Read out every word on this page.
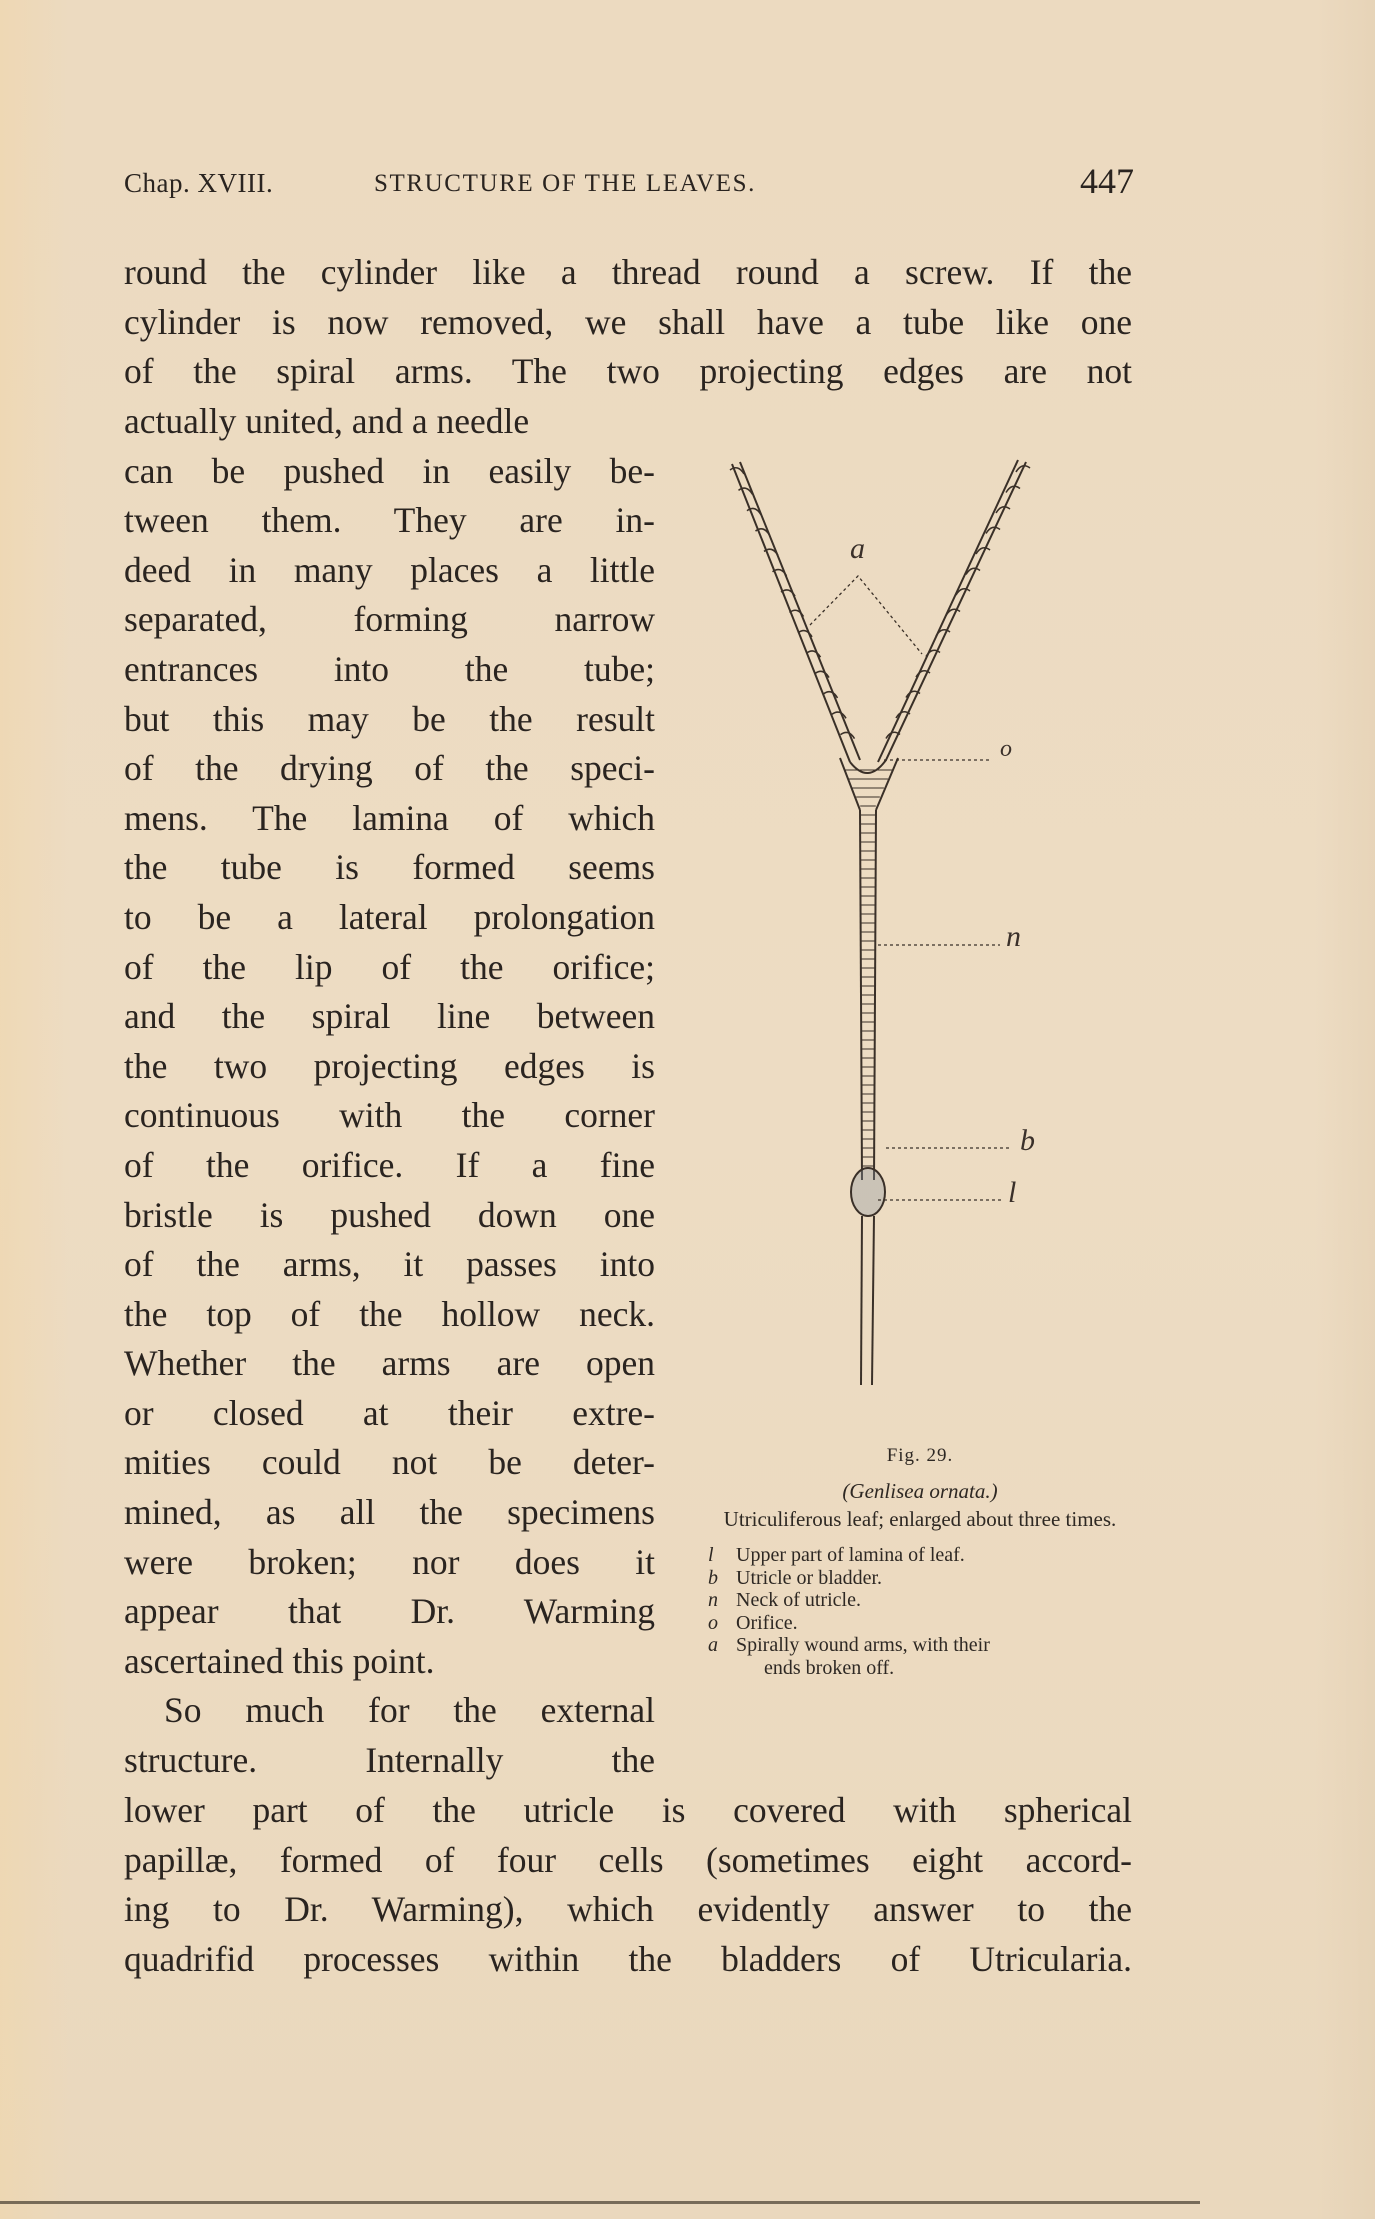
Chap. XVIII.	STRUCTURE OF THE LEAVES.	447
round the cylinder like a thread round a screw. If the
cylinder is now removed, we shall have a tube like one
of the spiral arms. The two projecting edges are not
actually united, and a needle
can be pushed in easily be-
tween them. They are in-
deed in many places a little
separated, forming narrow
entrances into the tube;
but this may be the result
of the drying of the speci-
mens. The lamina of which
the tube is formed seems
to be a lateral prolongation
of the lip of the orifice;
and the spiral line between
the two projecting edges is
continuous with the corner
of the orifice. If a fine
bristle is pushed down one
of the arms, it passes into
the top of the hollow neck.
Whether the arms are open
or closed at their extre-
mities could not be deter-
mined, as all the specimens
were broken; nor does it
appear that Dr. Warming
ascertained this point.
So much for the external
structure. Internally the
lower part of the utricle is covered with spherical
papillæ, formed of four cells (sometimes eight accord-
ing to Dr. Warming), which evidently answer to the
quadrifid processes within the bladders of Utricularia.
a
o
n
b
l
Fig. 29.
(Genlisea ornata.)
Utriculiferous leaf; enlarged about three times.
l	Upper part of lamina of leaf.
b Utricle or bladder.
n Neck of utricle.
o Orifice.
a Spirally wound arms, with their
ends broken off.
